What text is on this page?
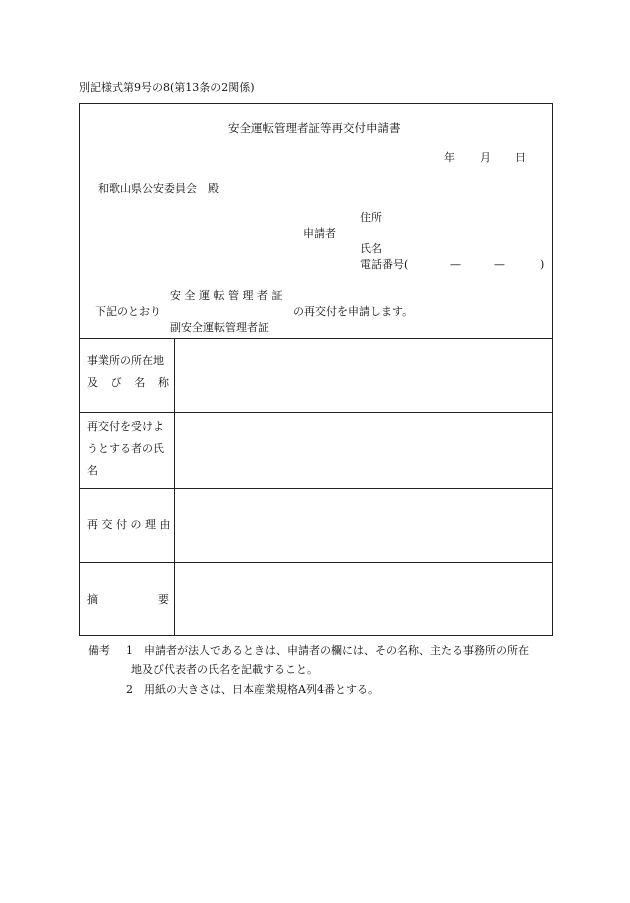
別記様式第9号の8(第13条の2関係)
安全運転管理者証等再交付申請書
年 月 日
和歌山県公安委員会　殿
住所
申請者
氏名
電話番号(	—	—	)
安 全 運 転 管 理 者 証
下記のとおり	の再交付を申請します。
副安全運転管理者証
事業所の所在地
及 び 名 称
再交付を受けよ
うとする者の氏
名
再 交 付 の 理 由
摘	要
備考 1 申請者が法人であるときは、申請者の欄には、その名称、主たる事務所の所在
地及び代表者の氏名を記載すること。
2 用紙の大きさは、日本産業規格A列4番とする。
